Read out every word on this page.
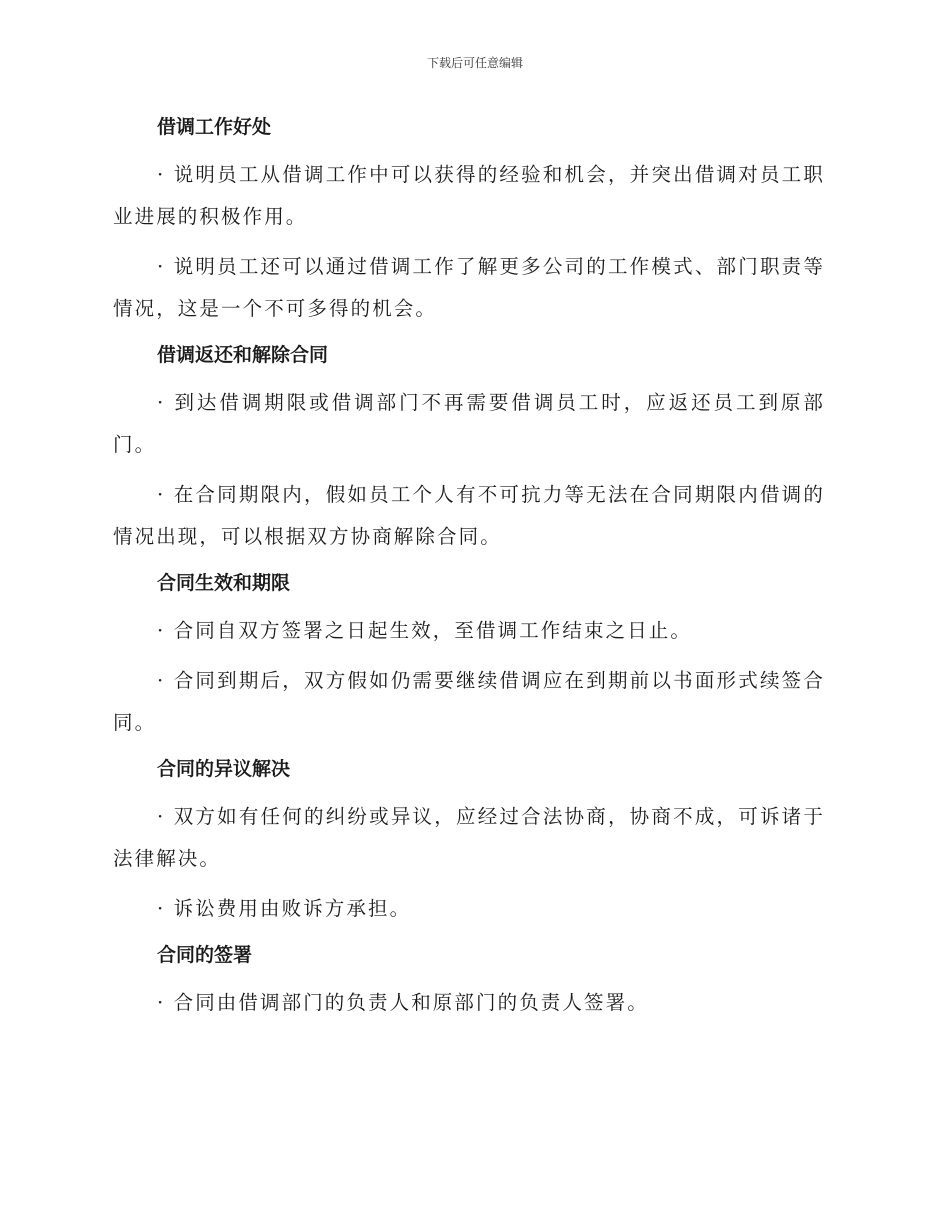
下载后可任意编辑
借调工作好处
· 说明员工从借调工作中可以获得的经验和机会，并突出借调对员工职业进展的积极作用。
· 说明员工还可以通过借调工作了解更多公司的工作模式、部门职责等情况，这是一个不可多得的机会。
借调返还和解除合同
· 到达借调期限或借调部门不再需要借调员工时，应返还员工到原部门。
· 在合同期限内，假如员工个人有不可抗力等无法在合同期限内借调的情况出现，可以根据双方协商解除合同。
合同生效和期限
· 合同自双方签署之日起生效，至借调工作结束之日止。
· 合同到期后，双方假如仍需要继续借调应在到期前以书面形式续签合同。
合同的异议解决
· 双方如有任何的纠纷或异议，应经过合法协商，协商不成，可诉诸于法律解决。
· 诉讼费用由败诉方承担。
合同的签署
· 合同由借调部门的负责人和原部门的负责人签署。
